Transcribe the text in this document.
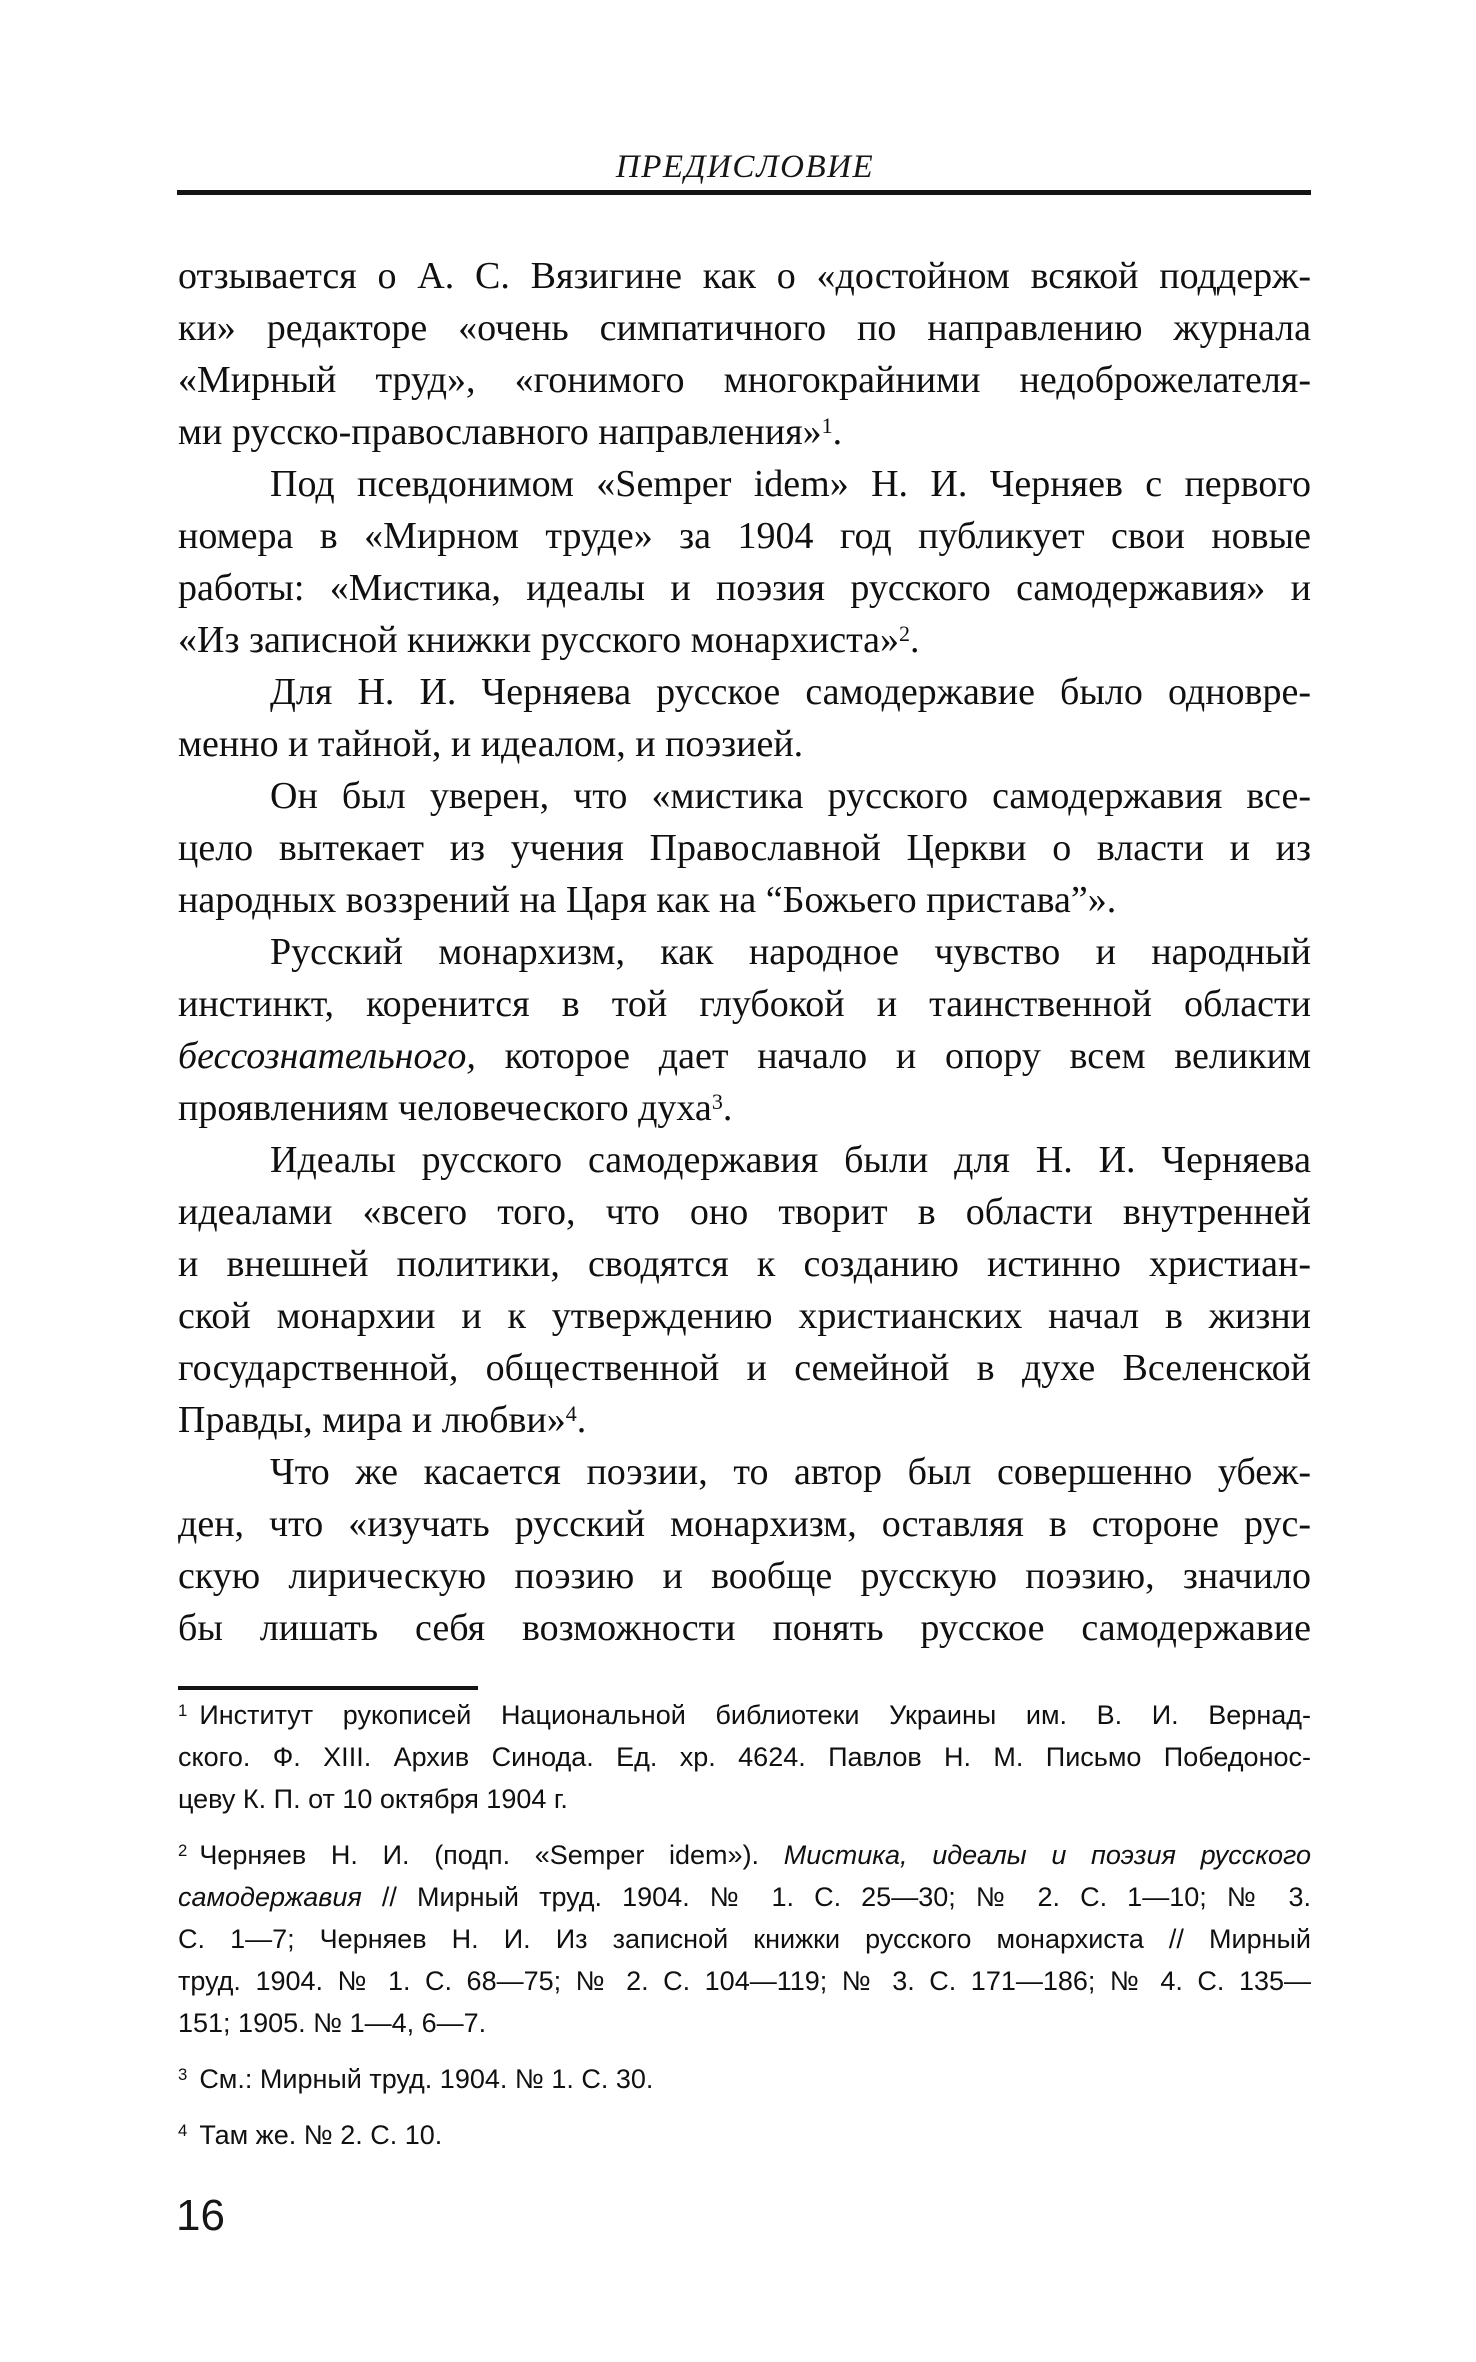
ПРЕДИСЛОВИЕ
отзывается о А. С. Вязигине как о «достойном всякой поддерж-
ки» редакторе «очень симпатичного по направлению журнала
«Мирный труд», «гонимого многокрайними недоброжелателя-
ми русско-православного направления»$^1$.
Под псевдонимом «Semper idem» Н. И. Черняев с первого
номера в «Мирном труде» за 1904 год публикует свои новые
работы: «Мистика, идеалы и поэзия русского самодержавия» и
«Из записной книжки русского монархиста»$^2$.
Для Н. И. Черняева русское самодержавие было одновре-
менно и тайной, и идеалом, и поэзией.
Он был уверен, что «мистика русского самодержавия все-
цело вытекает из учения Православной Церкви о власти и из
народных воззрений на Царя как на “Божьего пристава”».
Русский монархизм, как народное чувство и народный
инстинкт, коренится в той глубокой и таинственной области
бессознательного, которое дает начало и опору всем великим
проявлениям человеческого духа$^3$.
Идеалы русского самодержавия были для Н. И. Черняева
идеалами «всего того, что оно творит в области внутренней
и внешней политики, сводятся к созданию истинно христиан-
ской монархии и к утверждению христианских начал в жизни
государственной, общественной и семейной в духе Вселенской
Правды, мира и любви»$^4$.
Что же касается поэзии, то автор был совершенно убеж-
ден, что «изучать русский монархизм, оставляя в стороне рус-
скую лирическую поэзию и вообще русскую поэзию, значило
бы лишать себя возможности понять русское самодержавие
$^1$ Институт рукописей Национальной библиотеки Украины им. В. И. Вернад-
ского. Ф. XIII. Архив Синода. Ед. хр. 4624. Павлов Н. М. Письмо Победонос-
цеву К. П. от 10 октября 1904 г.
$^2$ Черняев Н. И. (подп. «Semper idem»). Мистика, идеалы и поэзия русского
самодержавия // Мирный труд. 1904. № 1. С. 25—30; № 2. С. 1—10; № 3.
С. 1—7; Черняев Н. И. Из записной книжки русского монархиста // Мирный
труд. 1904. № 1. С. 68—75; № 2. С. 104—119; № 3. С. 171—186; № 4. С. 135—
151; 1905. № 1—4, 6—7.
$^3$ См.: Мирный труд. 1904. № 1. С. 30.
$^4$ Там же. № 2. С. 10.
16
